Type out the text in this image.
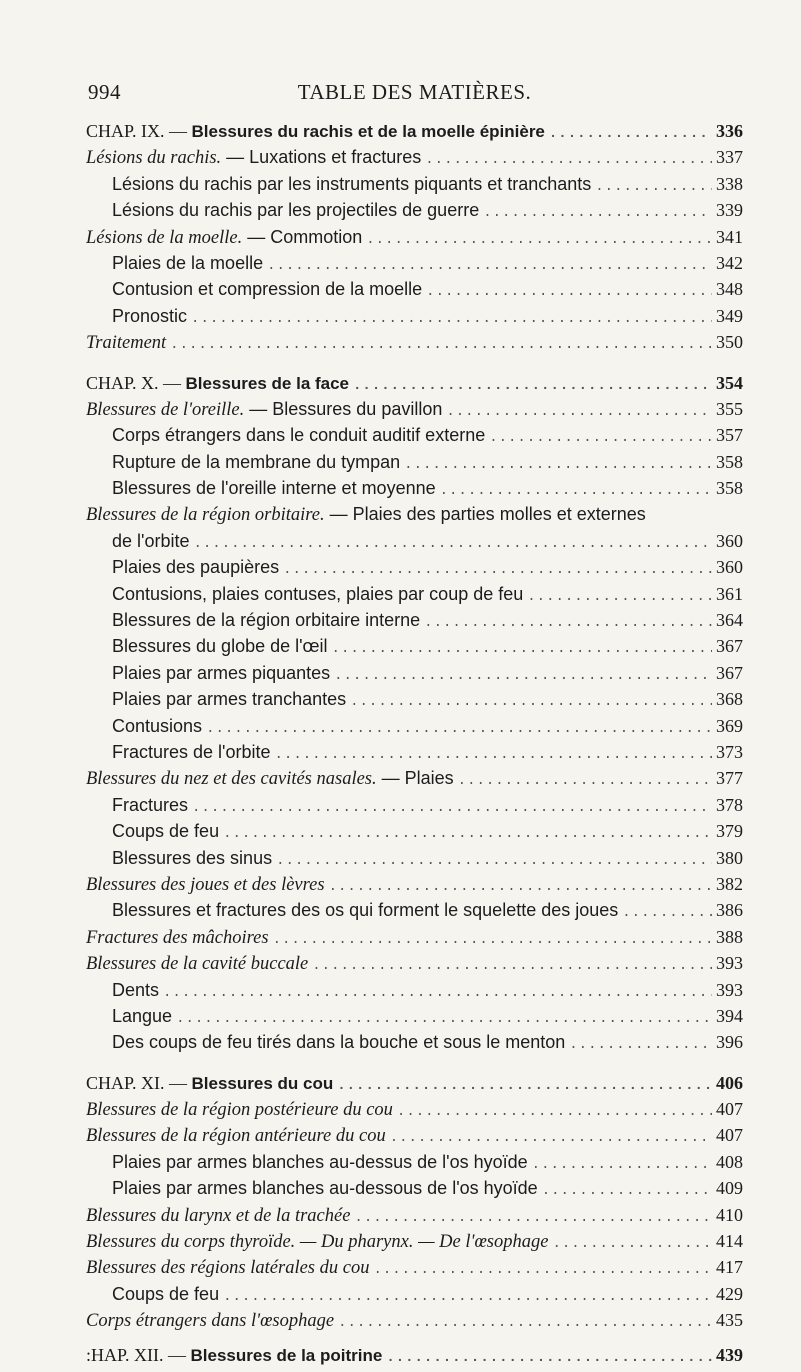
994	TABLE DES MATIÈRES.
CHAP. IX. — Blessures du rachis et de la moelle épinière .....	336
Lésions du rachis. — Luxations et fractures .....	337
Lésions du rachis par les instruments piquants et tranchants .....	338
Lésions du rachis par les projectiles de guerre .....	339
Lésions de la moelle. — Commotion .....	341
Plaies de la moelle .....	342
Contusion et compression de la moelle .....	348
Pronostic .....	349
Traitement .....	350
CHAP. X. — Blessures de la face .....	354
Blessures de l'oreille. — Blessures du pavillon .....	355
Corps étrangers dans le conduit auditif externe .....	357
Rupture de la membrane du tympan .....	358
Blessures de l'oreille interne et moyenne .....	358
Blessures de la région orbitaire. — Plaies des parties molles et externes
de l'orbite .....	360
Plaies des paupières .....	360
Contusions, plaies contuses, plaies par coup de feu .....	361
Blessures de la région orbitaire interne .....	364
Blessures du globe de l'œil .....	367
Plaies par armes piquantes .....	367
Plaies par armes tranchantes .....	368
Contusions .....	369
Fractures de l'orbite .....	373
Blessures du nez et des cavités nasales. — Plaies .....	377
Fractures .....	378
Coups de feu .....	379
Blessures des sinus .....	380
Blessures des joues et des lèvres .....	382
Blessures et fractures des os qui forment le squelette des joues .....	386
Fractures des mâchoires .....	388
Blessures de la cavité buccale .....	393
Dents .....	393
Langue .....	394
Des coups de feu tirés dans la bouche et sous le menton .....	396
CHAP. XI. — Blessures du cou .....	406
Blessures de la région postérieure du cou .....	407
Blessures de la région antérieure du cou .....	407
Plaies par armes blanches au-dessus de l'os hyoïde .....	408
Plaies par armes blanches au-dessous de l'os hyoïde .....	409
Blessures du larynx et de la trachée .....	410
Blessures du corps thyroïde. — Du pharynx. — De l'œsophage .....	414
Blessures des régions latérales du cou .....	417
Coups de feu .....	429
Corps étrangers dans l'œsophage .....	435
:HAP. XII. — Blessures de la poitrine .....	439
